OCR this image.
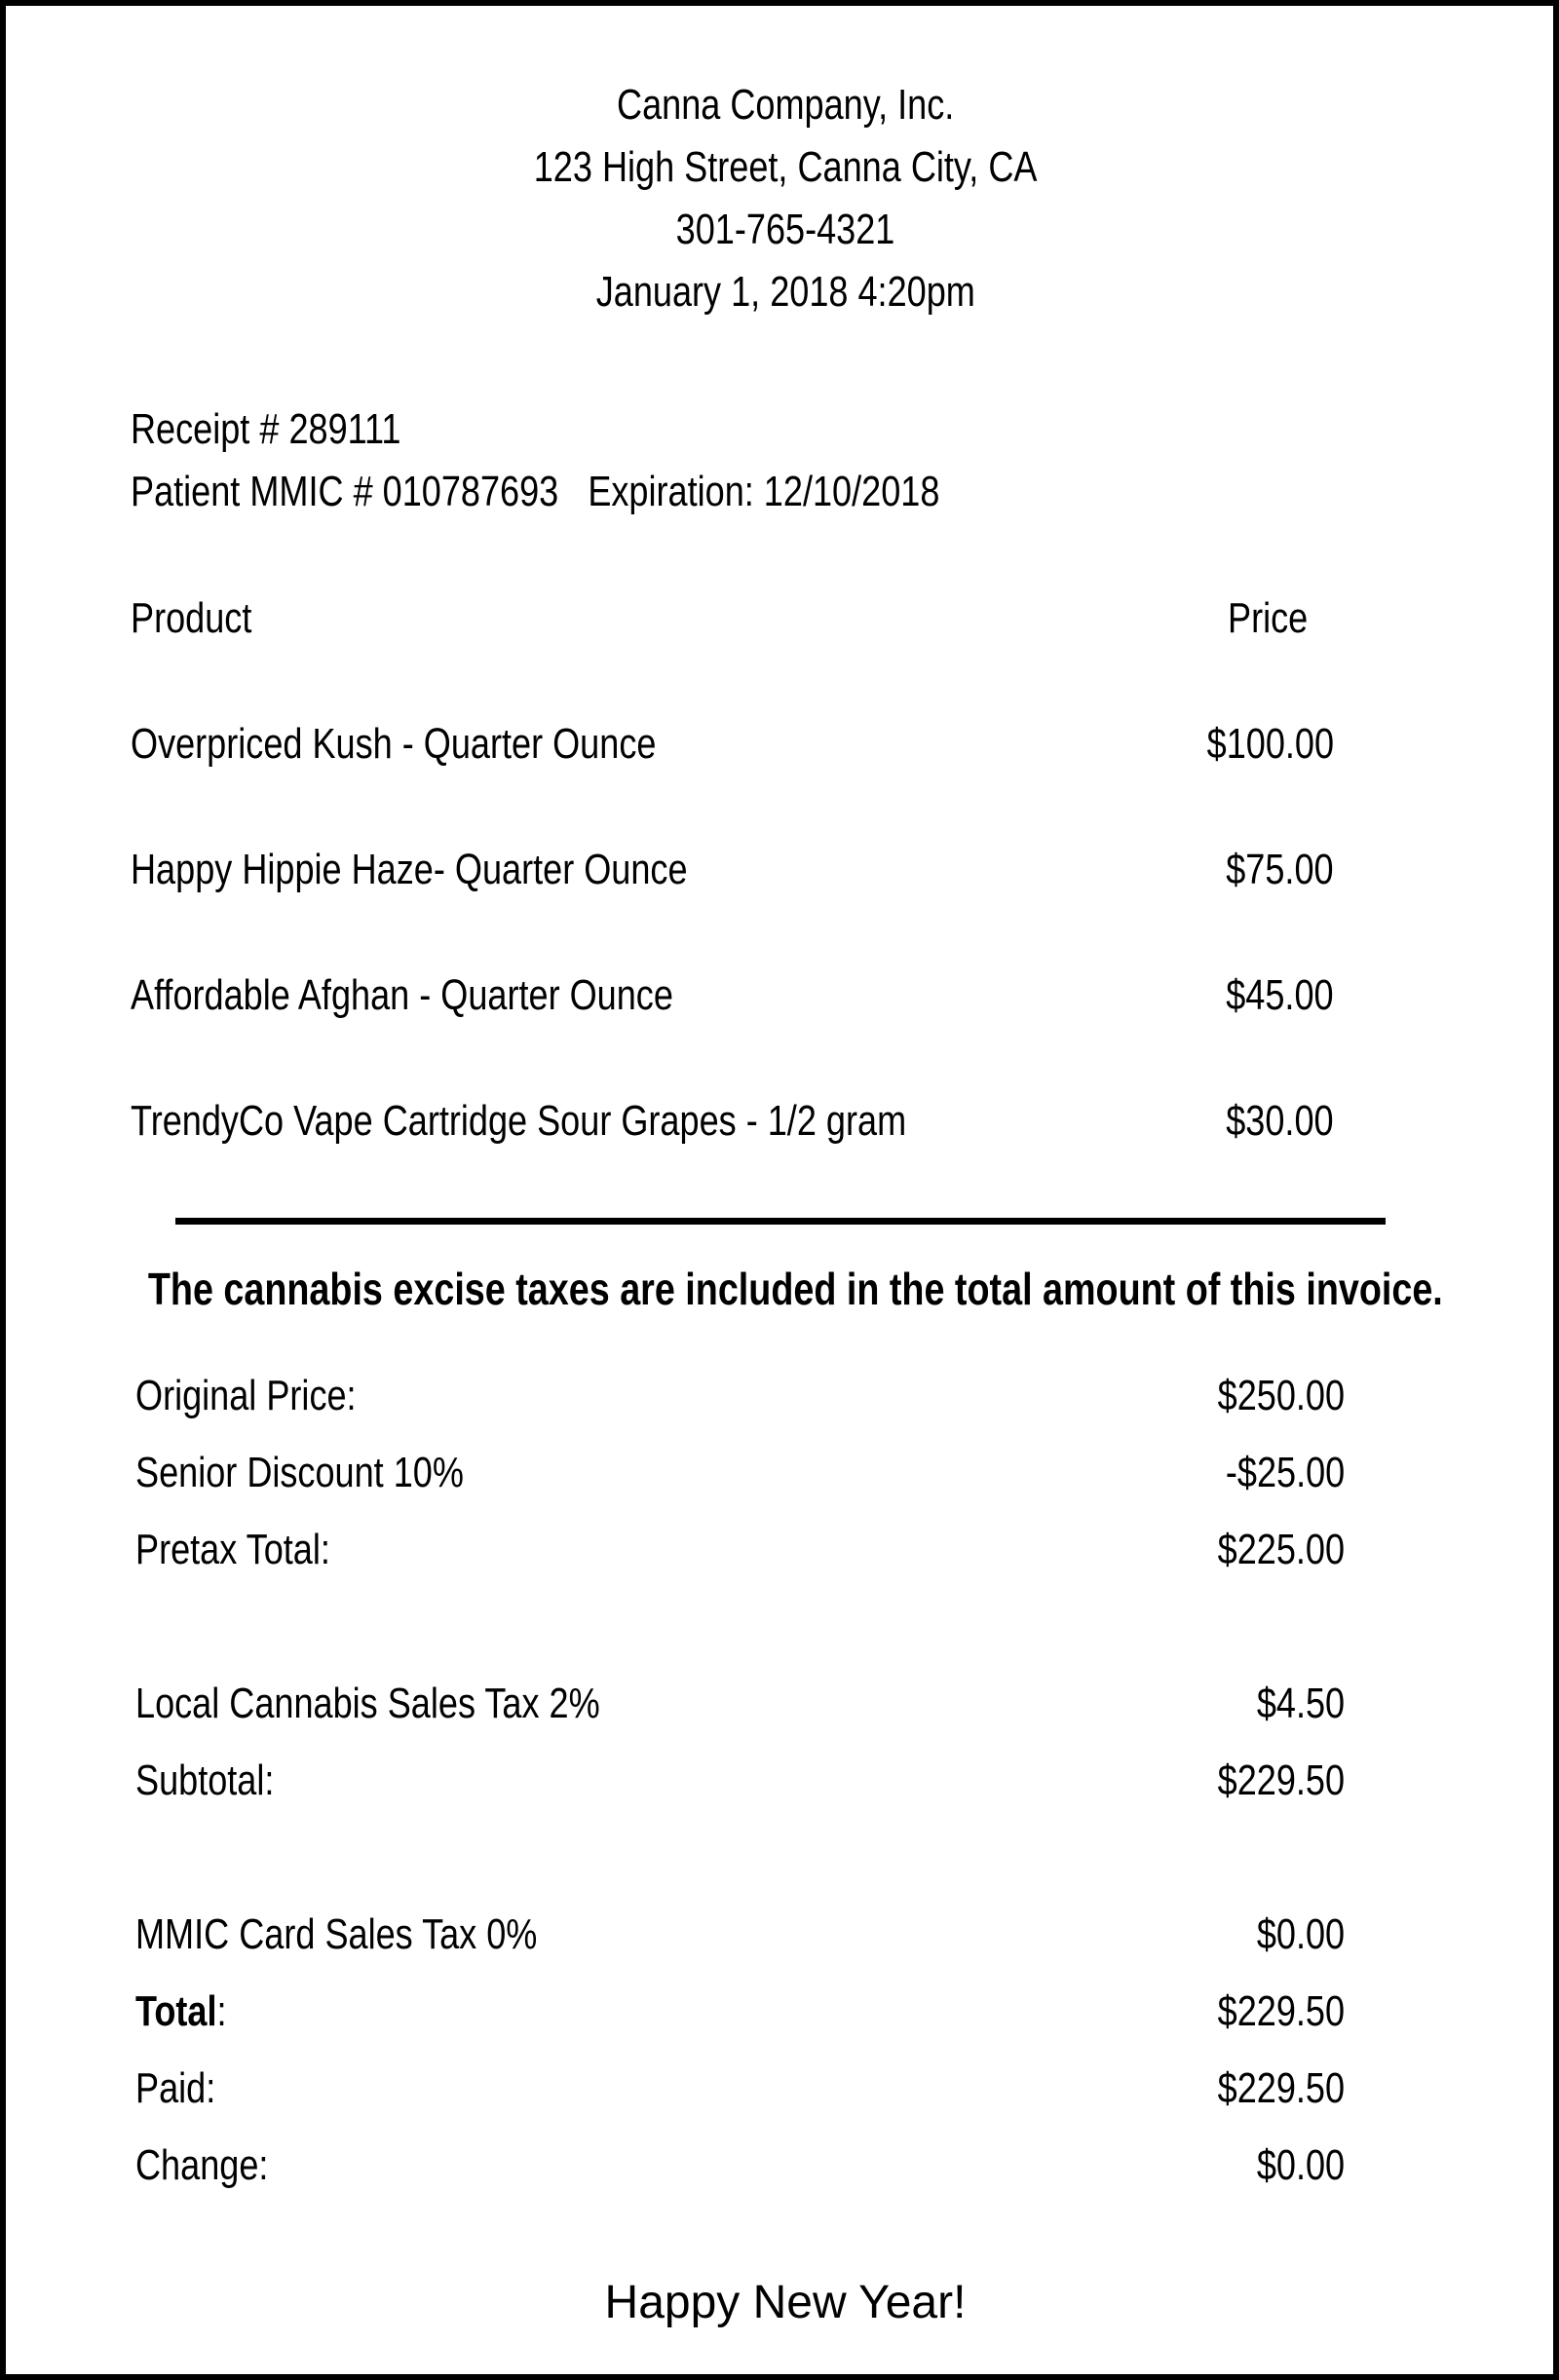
Canna Company, Inc.
123 High Street, Canna City, CA
301-765-4321
January 1, 2018 4:20pm
Receipt # 289111
Patient MMIC # 010787693   Expiration: 12/10/2018
Product	Price
Overpriced Kush - Quarter Ounce	$100.00
Happy Hippie Haze- Quarter Ounce	$75.00
Affordable Afghan - Quarter Ounce	$45.00
TrendyCo Vape Cartridge Sour Grapes - 1/2 gram	$30.00
The cannabis excise taxes are included in the total amount of this invoice.
Original Price:	$250.00
Senior Discount 10%	-$25.00
Pretax Total:	$225.00
Local Cannabis Sales Tax 2%	$4.50
Subtotal:	$229.50
MMIC Card Sales Tax 0%	$0.00
Total:	$229.50
Paid:	$229.50
Change:	$0.00
Happy New Year!
